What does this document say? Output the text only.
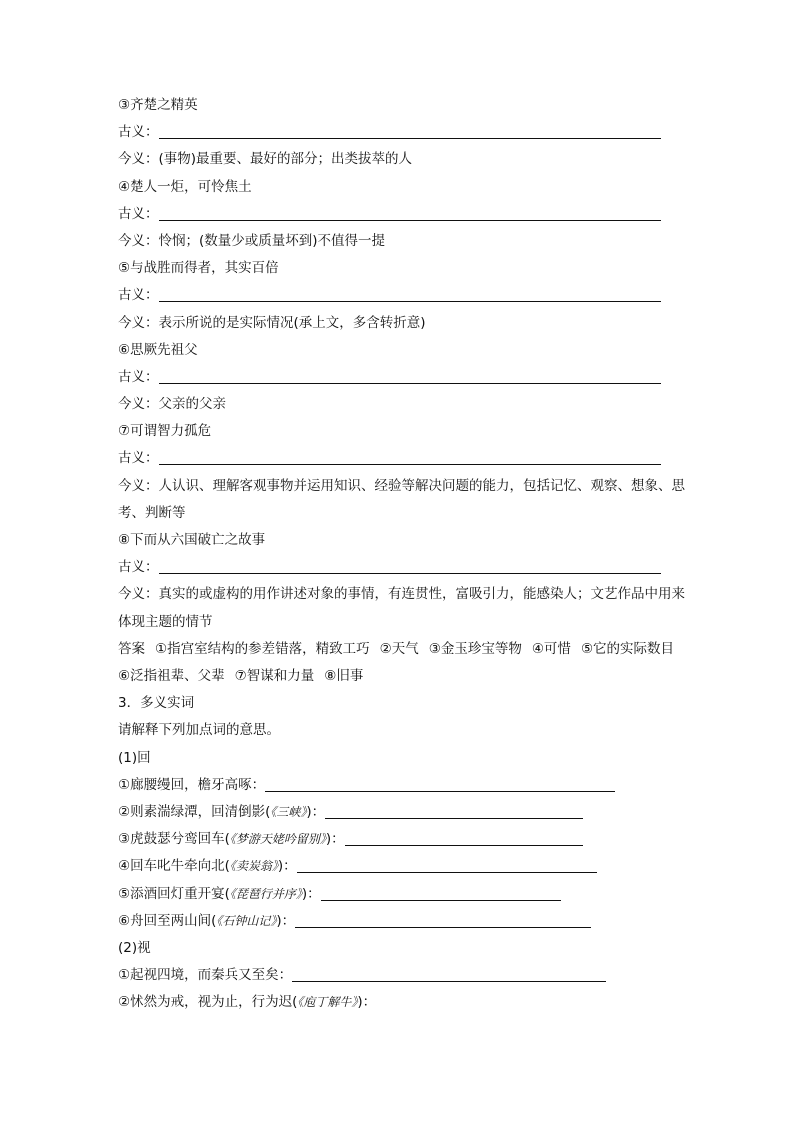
③齐楚之精英
古义：
今义：(事物)最重要、最好的部分；出类拔萃的人
④楚人一炬，可怜焦土
古义：
今义：怜悯；(数量少或质量坏到)不值得一提
⑤与战胜而得者，其实百倍
古义：
今义：表示所说的是实际情况(承上文，多含转折意)
⑥思厥先祖父
古义：
今义：父亲的父亲
⑦可谓智力孤危
古义：
今义：人认识、理解客观事物并运用知识、经验等解决问题的能力，包括记忆、观察、想象、思考、判断等
⑧下而从六国破亡之故事
古义：
今义：真实的或虚构的用作讲述对象的事情，有连贯性，富吸引力，能感染人；文艺作品中用来体现主题的情节
答案 ①指宫室结构的参差错落，精致工巧 ②天气 ③金玉珍宝等物 ④可惜 ⑤它的实际数目⑥泛指祖辈、父辈 ⑦智谋和力量 ⑧旧事
3．多义实词
请解释下列加点词的意思。
(1)回
①廊腰缦回，檐牙高啄：
②则素湍绿潭，回清倒影(《三峡》)：
③虎鼓瑟兮鸾回车(《梦游天姥吟留别》)：
④回车叱牛牵向北(《卖炭翁》)：
⑤添酒回灯重开宴(《琵琶行并序》)：
⑥舟回至两山间(《石钟山记》)：
(2)视
①起视四境，而秦兵又至矣：
②怵然为戒，视为止，行为迟(《庖丁解牛》)：
